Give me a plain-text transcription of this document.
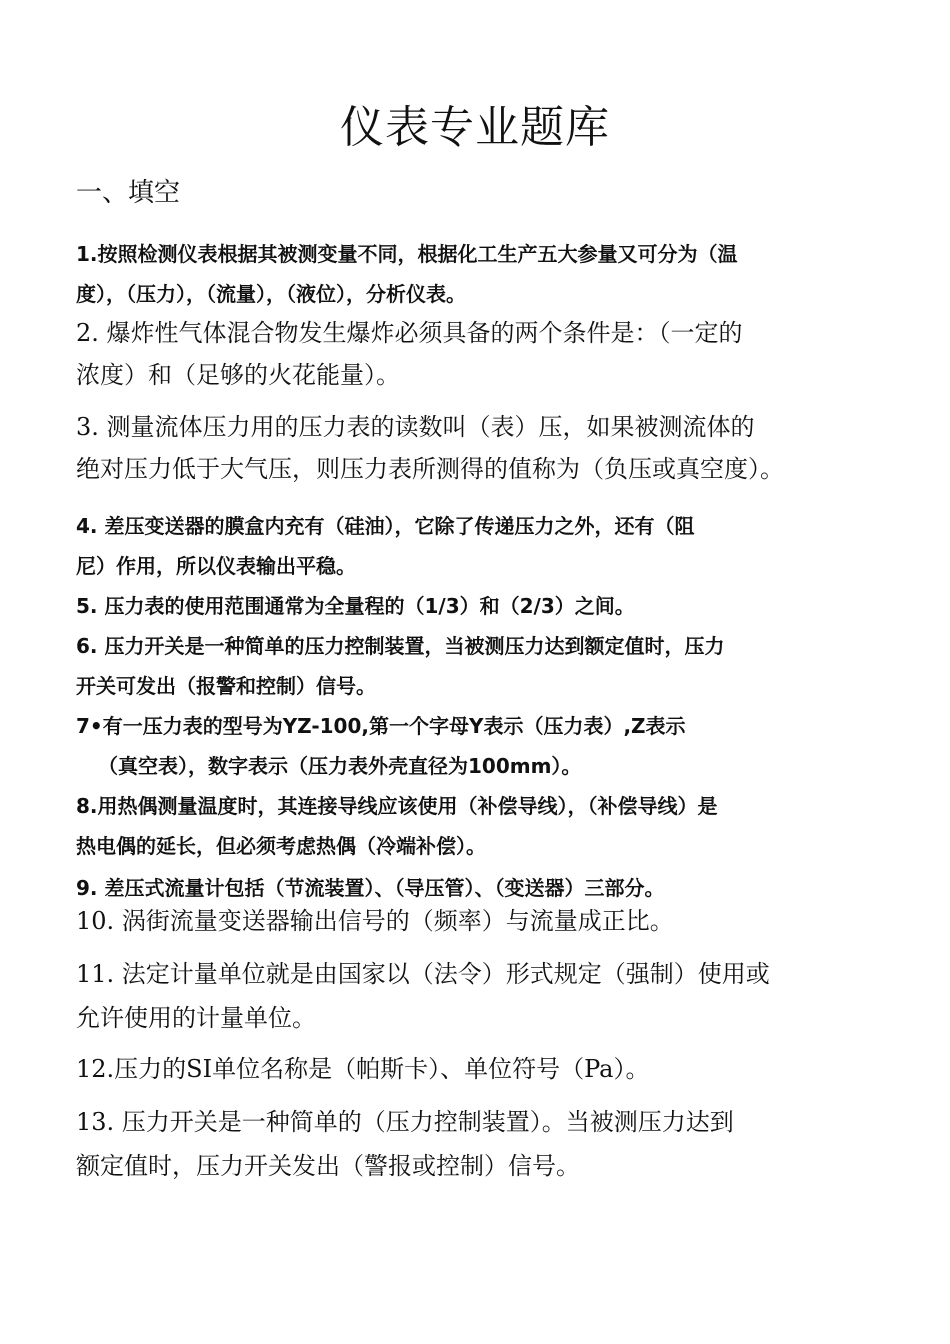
仪表专业题库
一、填空
1.按照检测仪表根据其被测变量不同，根据化工生产五大参量又可分为（温
度），（压力），（流量），（液位），分析仪表。
2. 爆炸性气体混合物发生爆炸必须具备的两个条件是：（一定的
浓度）和（足够的火花能量）。
3. 测量流体压力用的压力表的读数叫（表）压，如果被测流体的
绝对压力低于大气压，则压力表所测得的值称为（负压或真空度）。
4. 差压变送器的膜盒内充有（硅油），它除了传递压力之外，还有（阻
尼）作用，所以仪表输出平稳。
5. 压力表的使用范围通常为全量程的（1/3）和（2/3）之间。
6. 压力开关是一种简单的压力控制装置，当被测压力达到额定值时，压力
开关可发出（报警和控制）信号。
7•有一压力表的型号为YZ-100,第一个字母Y表示（压力表）,Z表示
（真空表），数字表示（压力表外壳直径为100mm）。
8.用热偶测量温度时，其连接导线应该使用（补偿导线），（补偿导线）是
热电偶的延长，但必须考虑热偶（冷端补偿）。
9. 差压式流量计包括（节流装置）、（导压管）、（变送器）三部分。
10. 涡街流量变送器输出信号的（频率）与流量成正比。
11. 法定计量单位就是由国家以（法令）形式规定（强制）使用或
允许使用的计量单位。
12.压力的SI单位名称是（帕斯卡）、单位符号（Pa）。
13. 压力开关是一种简单的（压力控制装置）。当被测压力达到
额定值时，压力开关发出（警报或控制）信号。
